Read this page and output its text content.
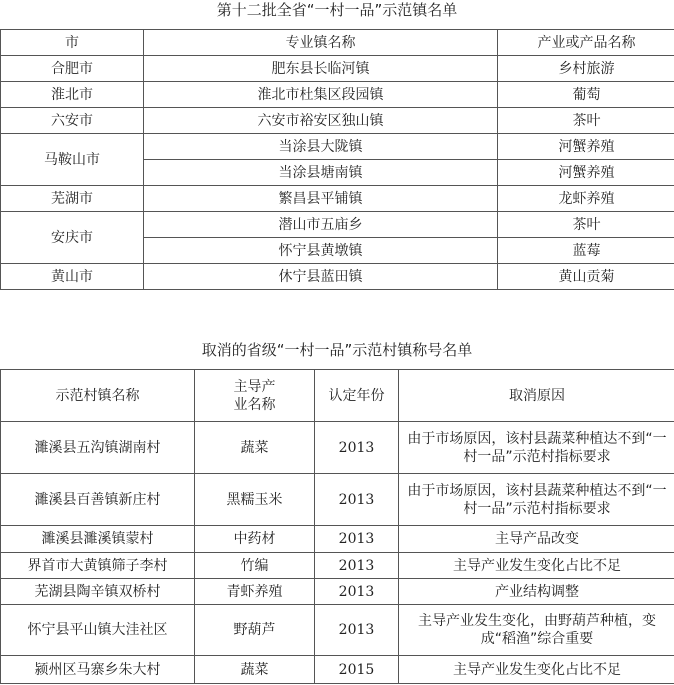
第十二批全省“一村一品”示范镇名单
市	专业镇名称	产业或产品名称
合肥市	肥东县长临河镇	乡村旅游
淮北市	淮北市杜集区段园镇	葡萄
六安市	六安市裕安区独山镇	茶叶
马鞍山市	当涂县大陇镇	河蟹养殖
	当涂县塘南镇	河蟹养殖
芜湖市	繁昌县平铺镇	龙虾养殖
安庆市	潜山市五庙乡	茶叶
	怀宁县黄墩镇	蓝莓
黄山市	休宁县蓝田镇	黄山贡菊
取消的省级“一村一品”示范村镇称号名单
示范村镇名称	主导产业名称	认定年份	取消原因
濉溪县五沟镇湖南村	蔬菜	2013	由于市场原因，该村县蔬菜种植达不到“一村一品”示范村指标要求
濉溪县百善镇新庄村	黑糯玉米	2013	由于市场原因，该村县蔬菜种植达不到“一村一品”示范村指标要求
濉溪县濉溪镇蒙村	中药材	2013	主导产品改变
界首市大黄镇筛子李村	竹编	2013	主导产业发生变化占比不足
芜湖县陶辛镇双桥村	青虾养殖	2013	产业结构调整
怀宁县平山镇大洼社区	野葫芦	2013	主导产业发生变化，由野葫芦种植，变成“稻渔”综合重要
颍州区马寨乡朱大村	蔬菜	2015	主导产业发生变化占比不足
